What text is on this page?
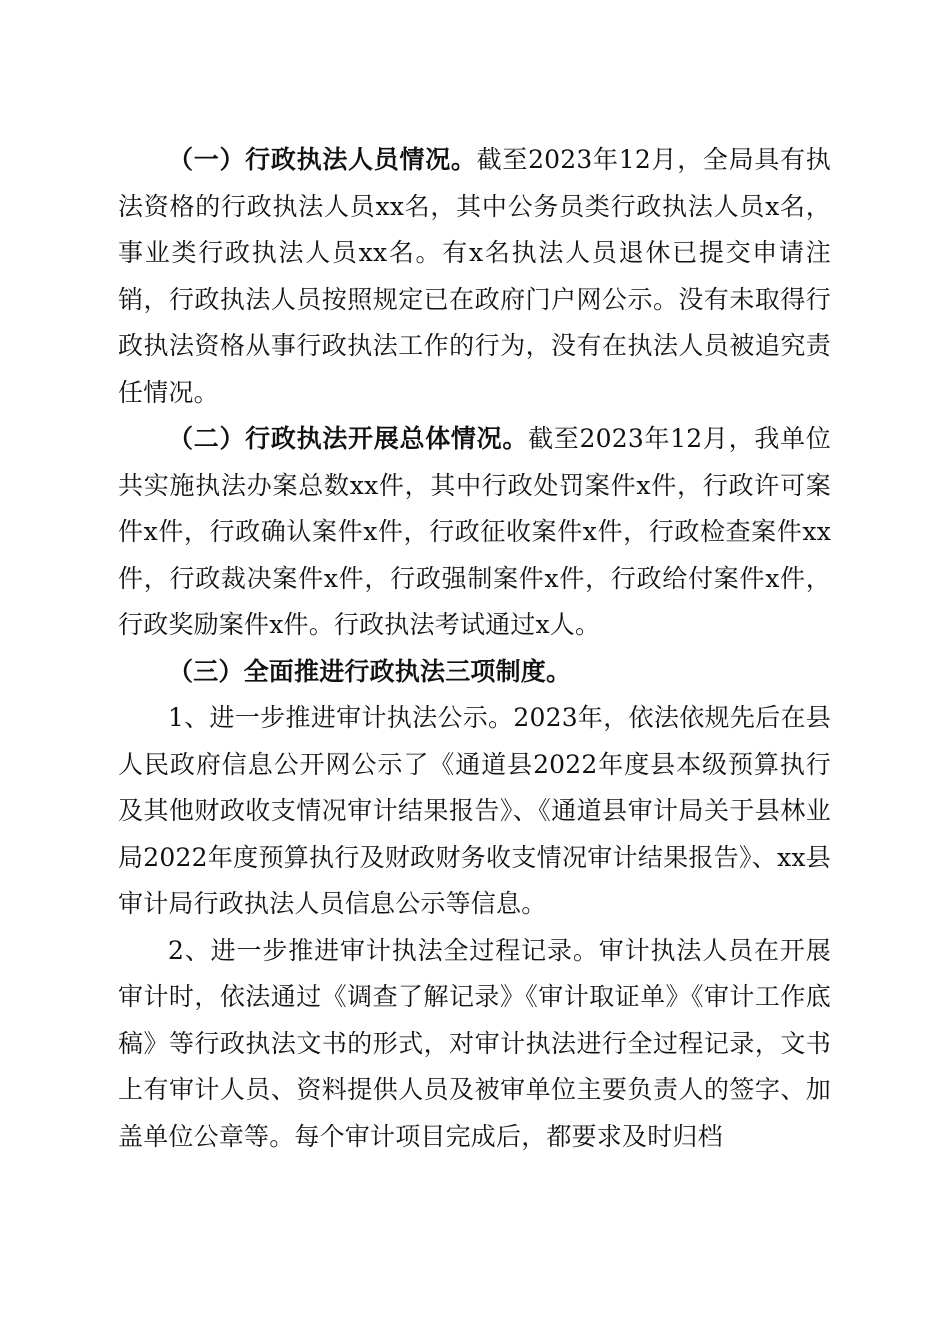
（一）行政执法人员情况。截至2023年12月，全局具有执法资格的行政执法人员xx名，其中公务员类行政执法人员x名，事业类行政执法人员xx名。有x名执法人员退休已提交申请注销，行政执法人员按照规定已在政府门户网公示。没有未取得行政执法资格从事行政执法工作的行为，没有在执法人员被追究责任情况。

（二）行政执法开展总体情况。截至2023年12月，我单位共实施执法办案总数xx件，其中行政处罚案件x件，行政许可案件x件，行政确认案件x件，行政征收案件x件，行政检查案件xx件，行政裁决案件x件，行政强制案件x件，行政给付案件x件，行政奖励案件x件。行政执法考试通过x人。

（三）全面推进行政执法三项制度。

1、进一步推进审计执法公示。2023年，依法依规先后在县人民政府信息公开网公示了《通道县2022年度县本级预算执行及其他财政收支情况审计结果报告》、《通道县审计局关于县林业局2022年度预算执行及财政财务收支情况审计结果报告》、xx县审计局行政执法人员信息公示等信息。

2、进一步推进审计执法全过程记录。审计执法人员在开展审计时，依法通过《调查了解记录》《审计取证单》《审计工作底稿》等行政执法文书的形式，对审计执法进行全过程记录，文书上有审计人员、资料提供人员及被审单位主要负责人的签字、加盖单位公章等。每个审计项目完成后，都要求及时归档
